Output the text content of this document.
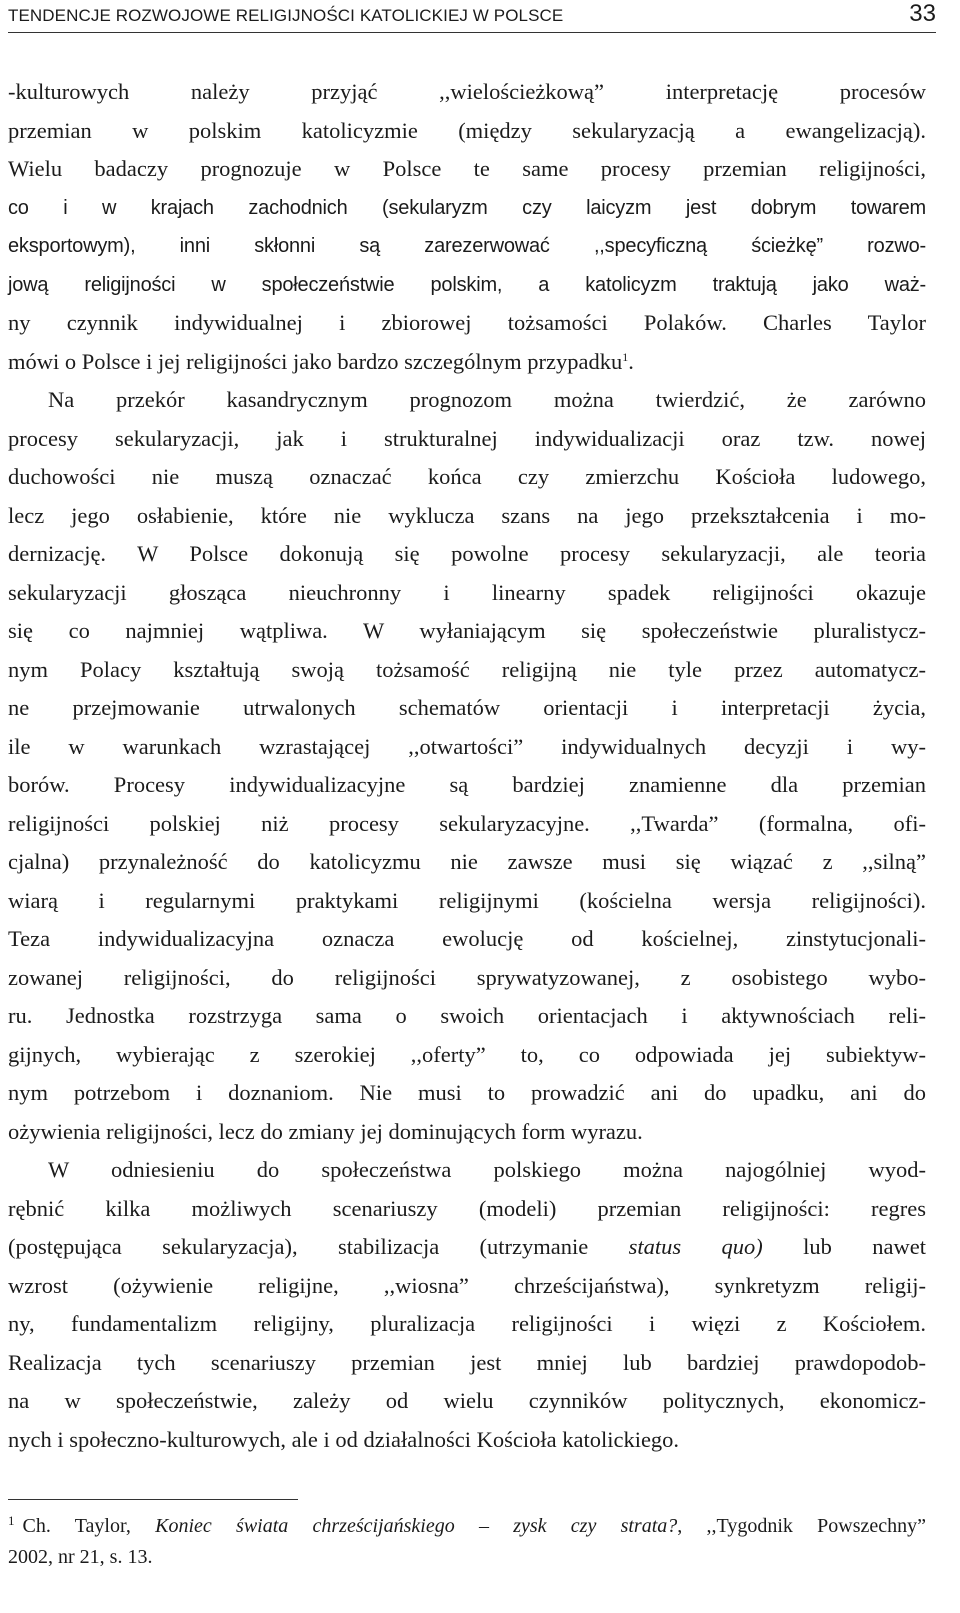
TENDENCJE ROZWOJOWE RELIGIJNOŚCI KATOLICKIEJ W POLSCE	33
-kulturowych należy przyjąć ,,wielościeżkową” interpretację procesów
przemian w polskim katolicyzmie (między sekularyzacją a ewangelizacją).
Wielu badaczy prognozuje w Polsce te same procesy przemian religijności,
co i w krajach zachodnich (sekularyzm czy laicyzm jest dobrym towarem
eksportowym), inni skłonni są zarezerwować ,,specyficzną ścieżkę” rozwo-
jową religijności w społeczeństwie polskim, a katolicyzm traktują jako waż-
ny czynnik indywidualnej i zbiorowej tożsamości Polaków. Charles Taylor
mówi o Polsce i jej religijności jako bardzo szczególnym przypadku$^1$.
Na przekór kasandrycznym prognozom można twierdzić, że zarówno
procesy sekularyzacji, jak i strukturalnej indywidualizacji oraz tzw. nowej
duchowości nie muszą oznaczać końca czy zmierzchu Kościoła ludowego,
lecz jego osłabienie, które nie wyklucza szans na jego przekształcenia i mo-
dernizację. W Polsce dokonują się powolne procesy sekularyzacji, ale teoria
sekularyzacji głosząca nieuchronny i linearny spadek religijności okazuje
się co najmniej wątpliwa. W wyłaniającym się społeczeństwie pluralistycz-
nym Polacy kształtują swoją tożsamość religijną nie tyle przez automatycz-
ne przejmowanie utrwalonych schematów orientacji i interpretacji życia,
ile w warunkach wzrastającej ,,otwartości” indywidualnych decyzji i wy-
borów. Procesy indywidualizacyjne są bardziej znamienne dla przemian
religijności polskiej niż procesy sekularyzacyjne. ,,Twarda” (formalna, ofi-
cjalna) przynależność do katolicyzmu nie zawsze musi się wiązać z ,,silną”
wiarą i regularnymi praktykami religijnymi (kościelna wersja religijności).
Teza indywidualizacyjna oznacza ewolucję od kościelnej, zinstytucjonali-
zowanej religijności, do religijności sprywatyzowanej, z osobistego wybo-
ru. Jednostka rozstrzyga sama o swoich orientacjach i aktywnościach reli-
gijnych, wybierając z szerokiej ,,oferty” to, co odpowiada jej subiektyw-
nym potrzebom i doznaniom. Nie musi to prowadzić ani do upadku, ani do
ożywienia religijności, lecz do zmiany jej dominujących form wyrazu.
W odniesieniu do społeczeństwa polskiego można najogólniej wyod-
rębnić kilka możliwych scenariuszy (modeli) przemian religijności: regres
(postępująca sekularyzacja), stabilizacja (utrzymanie status quo) lub nawet
wzrost (ożywienie religijne, ,,wiosna” chrześcijaństwa), synkretyzm religij-
ny, fundamentalizm religijny, pluralizacja religijności i więzi z Kościołem.
Realizacja tych scenariuszy przemian jest mniej lub bardziej prawdopodob-
na w społeczeństwie, zależy od wielu czynników politycznych, ekonomicz-
nych i społeczno-kulturowych, ale i od działalności Kościoła katolickiego.
$^1$ Ch. Taylor, Koniec świata chrześcijańskiego – zysk czy strata?, ,,Tygodnik Powszechny”
2002, nr 21, s. 13.
